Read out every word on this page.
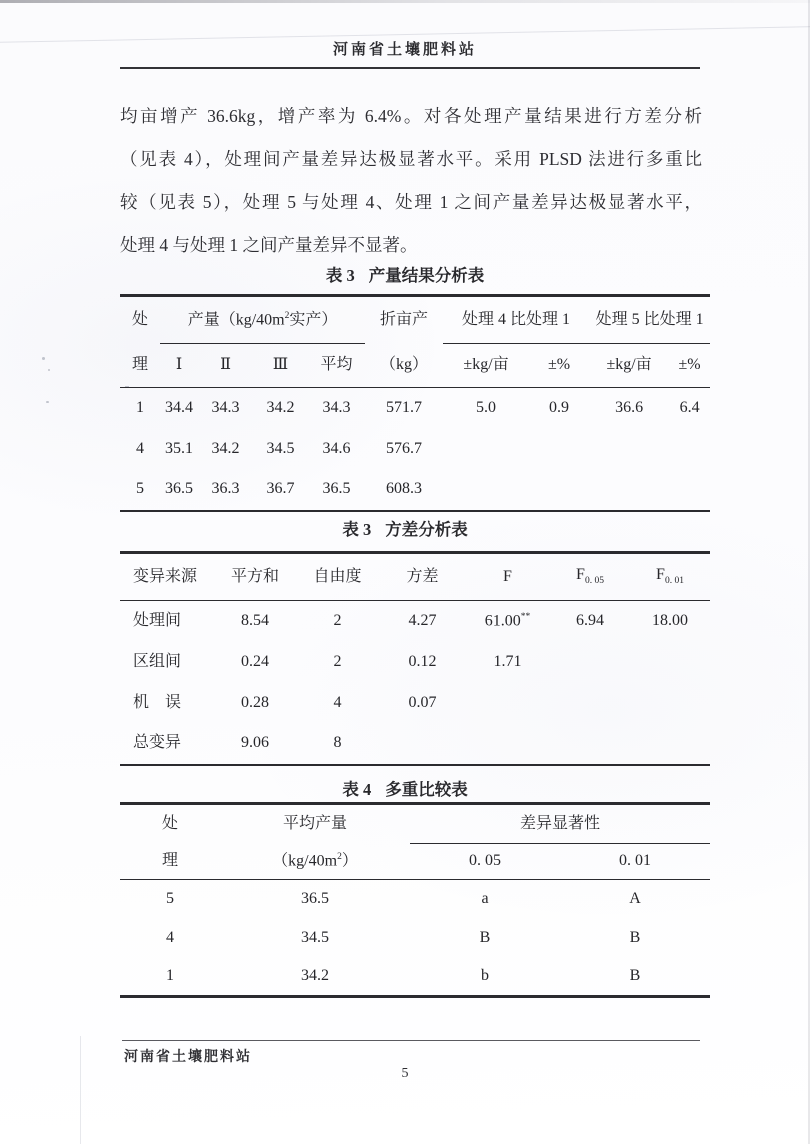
河南省土壤肥料站
均亩增产 36.6kg，增产率为 6.4%。对各处理产量结果进行方差分析
（见表 4），处理间产量差异达极显著水平。采用 PLSD 法进行多重比
较（见表 5），处理 5 与处理 4、处理 1 之间产量差异达极显著水平，
处理 4 与处理 1 之间产量差异不显著。
表 3 产量结果分析表
处	产量（$kg/40m^2$实产）				折亩产	处理 4 比处理 1		处理 5 比处理 1	
理	Ⅰ	Ⅱ	Ⅲ	平均	（kg）	±kg/亩	±%	±kg/亩	±%
1	34.4	34.3	34.2	34.3	571.7	5.0	0.9	36.6	6.4
4	35.1	34.2	34.5	34.6	576.7				
5	36.5	36.3	36.7	36.5	608.3				
表 3 方差分析表
变异来源	平方和	自由度	方差	F	$F_{0. 05}$	$F_{0. 01}$
处理间	8.54	2	4.27	61.00**	6.94	18.00
区组间	0.24	2	0.12	1.71		
机　误	0.28	4	0.07			
总变异	9.06	8				
表 4 多重比较表
处	平均产量	差异显著性	
理	$(kg/40m^2)$	0. 05	0. 01
5	36.5	a	A
4	34.5	B	B
1	34.2	b	B
河南省土壤肥料站
5
